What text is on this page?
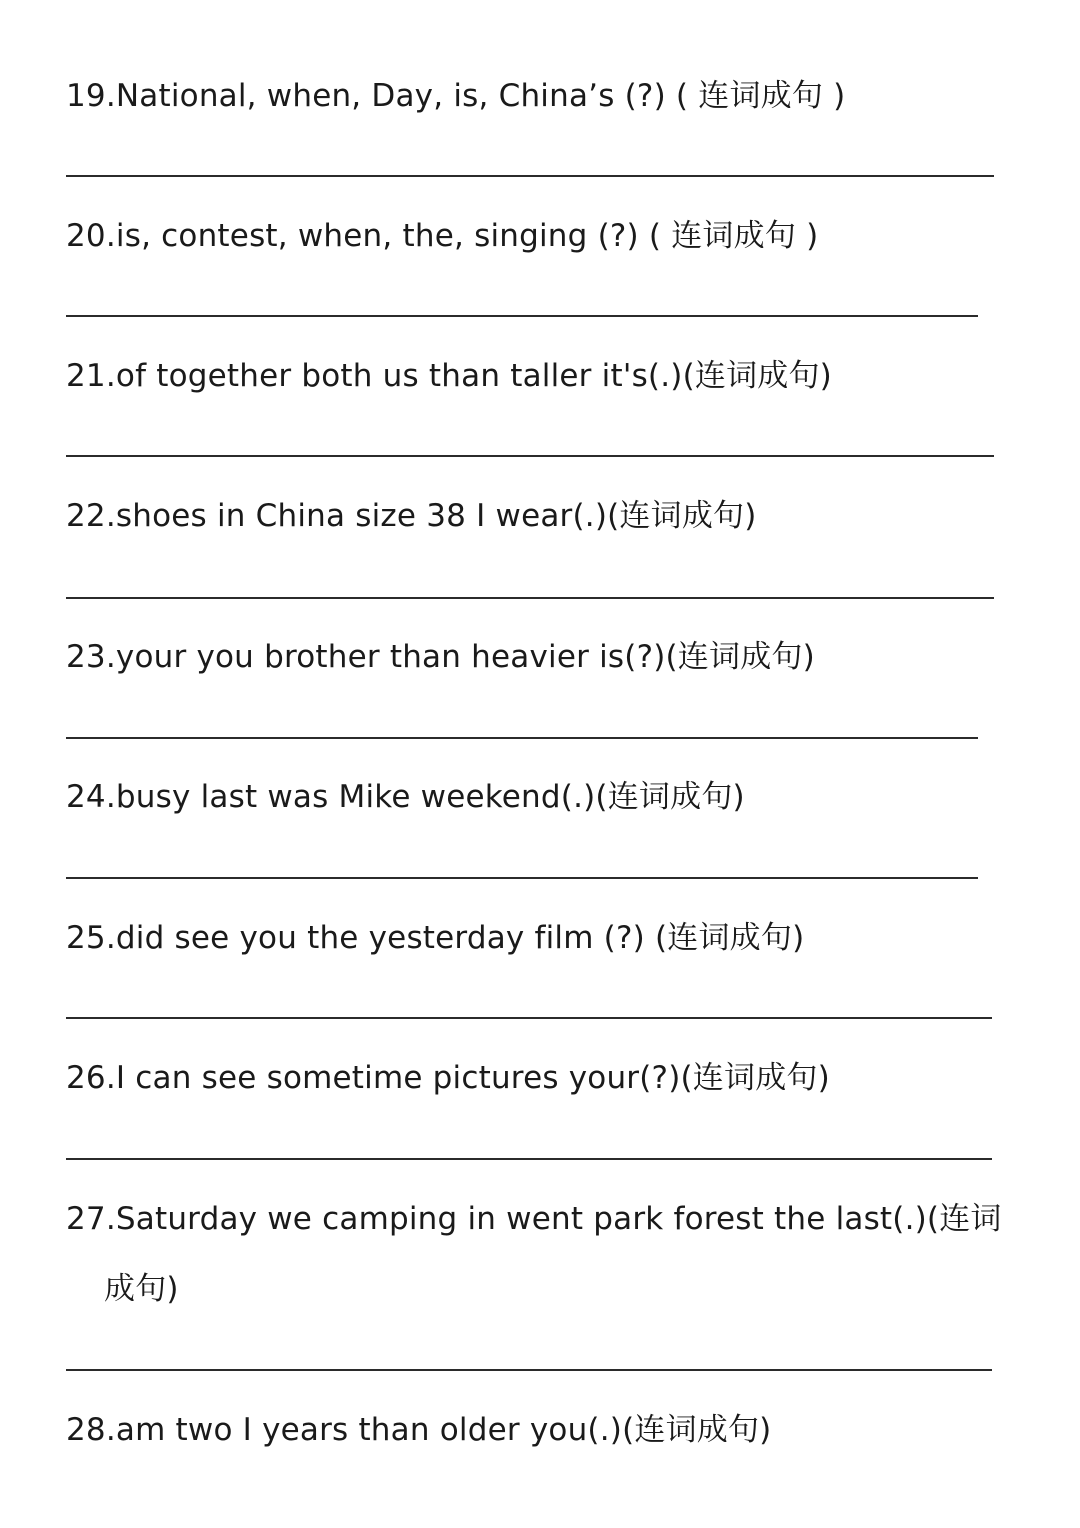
19.National, when, Day, is, China’s (?) ( 连词成句 )
20.is, contest, when, the, singing (?) ( 连词成句 )
21.of together both us than taller it's(.)(连词成句)
22.shoes in China size 38 I wear(.)(连词成句)
23.your you brother than heavier is(?)(连词成句)
24.busy last was Mike weekend(.)(连词成句)
25.did see you the yesterday film (?) (连词成句)
26.I can see sometime pictures your(?)(连词成句)
27.Saturday we camping in went park forest the last(.)(连词
成句)
28.am two I years than older you(.)(连词成句)
